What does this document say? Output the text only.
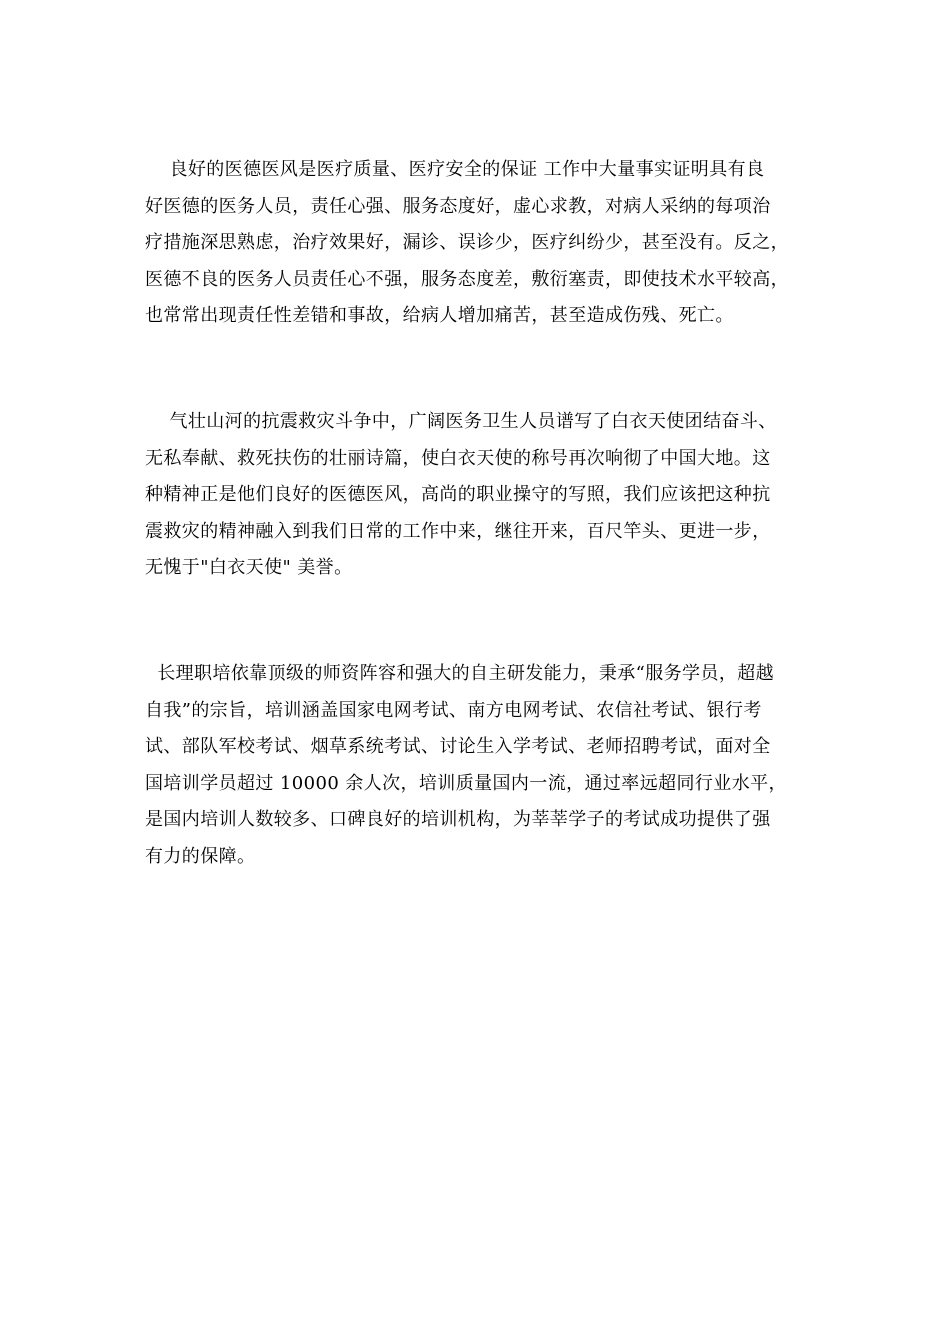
良好的医德医风是医疗质量、医疗安全的保证 工作中大量事实证明具有良
好医德的医务人员，责任心强、服务态度好，虚心求教，对病人采纳的每项治
疗措施深思熟虑，治疗效果好，漏诊、误诊少，医疗纠纷少，甚至没有。反之，
医德不良的医务人员责任心不强，服务态度差，敷衍塞责，即使技术水平较高，
也常常出现责任性差错和事故，给病人增加痛苦，甚至造成伤残、死亡。

气壮山河的抗震救灾斗争中，广阔医务卫生人员谱写了白衣天使团结奋斗、
无私奉献、救死扶伤的壮丽诗篇，使白衣天使的称号再次响彻了中国大地。这
种精神正是他们良好的医德医风，高尚的职业操守的写照，我们应该把这种抗
震救灾的精神融入到我们日常的工作中来，继往开来，百尺竿头、更进一步，
无愧于"白衣天使" 美誉。

长理职培依靠顶级的师资阵容和强大的自主研发能力，秉承“服务学员，超越
自我”的宗旨，培训涵盖国家电网考试、南方电网考试、农信社考试、银行考
试、部队军校考试、烟草系统考试、讨论生入学考试、老师招聘考试，面对全
国培训学员超过 10000 余人次，培训质量国内一流，通过率远超同行业水平，
是国内培训人数较多、口碑良好的培训机构，为莘莘学子的考试成功提供了强
有力的保障。
